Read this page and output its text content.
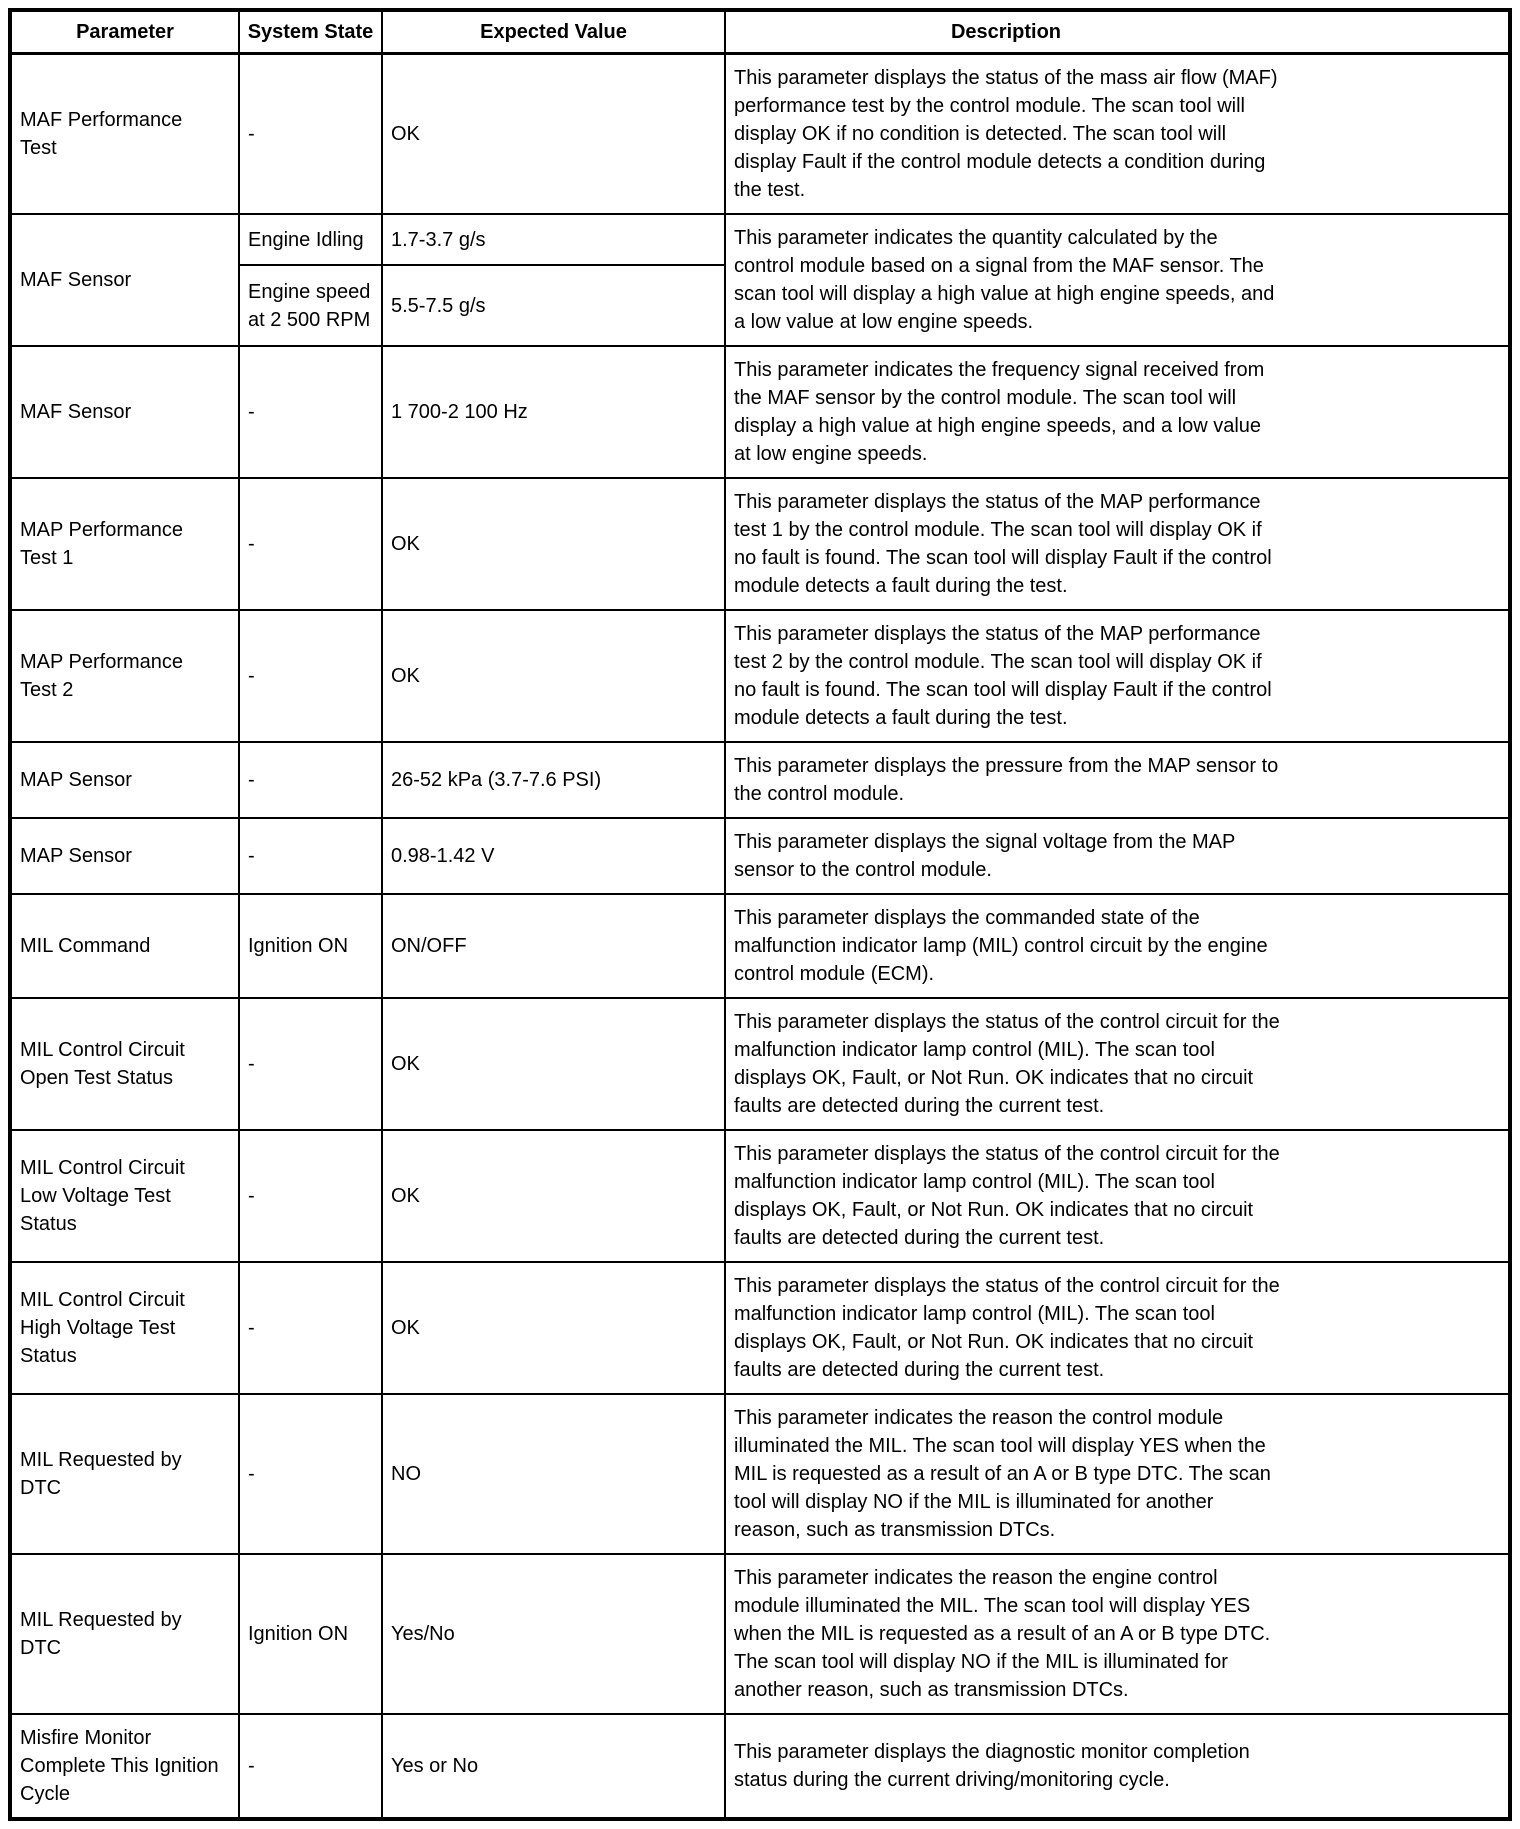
Parameter	System State	Expected Value	Description
MAF Performance Test	-	OK	This parameter displays the status of the mass air flow (MAF) performance test by the control module. The scan tool will display OK if no condition is detected. The scan tool will display Fault if the control module detects a condition during the test.
MAF Sensor	Engine Idling	1.7-3.7 g/s	This parameter indicates the quantity calculated by the control module based on a signal from the MAF sensor. The scan tool will display a high value at high engine speeds, and a low value at low engine speeds.
	Engine speed at 2 500 RPM	5.5-7.5 g/s	
MAF Sensor	-	1 700-2 100 Hz	This parameter indicates the frequency signal received from the MAF sensor by the control module. The scan tool will display a high value at high engine speeds, and a low value at low engine speeds.
MAP Performance Test 1	-	OK	This parameter displays the status of the MAP performance test 1 by the control module. The scan tool will display OK if no fault is found. The scan tool will display Fault if the control module detects a fault during the test.
MAP Performance Test 2	-	OK	This parameter displays the status of the MAP performance test 2 by the control module. The scan tool will display OK if no fault is found. The scan tool will display Fault if the control module detects a fault during the test.
MAP Sensor	-	26-52 kPa (3.7-7.6 PSI)	This parameter displays the pressure from the MAP sensor to the control module.
MAP Sensor	-	0.98-1.42 V	This parameter displays the signal voltage from the MAP sensor to the control module.
MIL Command	Ignition ON	ON/OFF	This parameter displays the commanded state of the malfunction indicator lamp (MIL) control circuit by the engine control module (ECM).
MIL Control Circuit Open Test Status	-	OK	This parameter displays the status of the control circuit for the malfunction indicator lamp control (MIL). The scan tool displays OK, Fault, or Not Run. OK indicates that no circuit faults are detected during the current test.
MIL Control Circuit Low Voltage Test Status	-	OK	This parameter displays the status of the control circuit for the malfunction indicator lamp control (MIL). The scan tool displays OK, Fault, or Not Run. OK indicates that no circuit faults are detected during the current test.
MIL Control Circuit High Voltage Test Status	-	OK	This parameter displays the status of the control circuit for the malfunction indicator lamp control (MIL). The scan tool displays OK, Fault, or Not Run. OK indicates that no circuit faults are detected during the current test.
MIL Requested by DTC	-	NO	This parameter indicates the reason the control module illuminated the MIL. The scan tool will display YES when the MIL is requested as a result of an A or B type DTC. The scan tool will display NO if the MIL is illuminated for another reason, such as transmission DTCs.
MIL Requested by DTC	Ignition ON	Yes/No	This parameter indicates the reason the engine control module illuminated the MIL. The scan tool will display YES when the MIL is requested as a result of an A or B type DTC. The scan tool will display NO if the MIL is illuminated for another reason, such as transmission DTCs.
Misfire Monitor Complete This Ignition Cycle	-	Yes or No	This parameter displays the diagnostic monitor completion status during the current driving/monitoring cycle.
